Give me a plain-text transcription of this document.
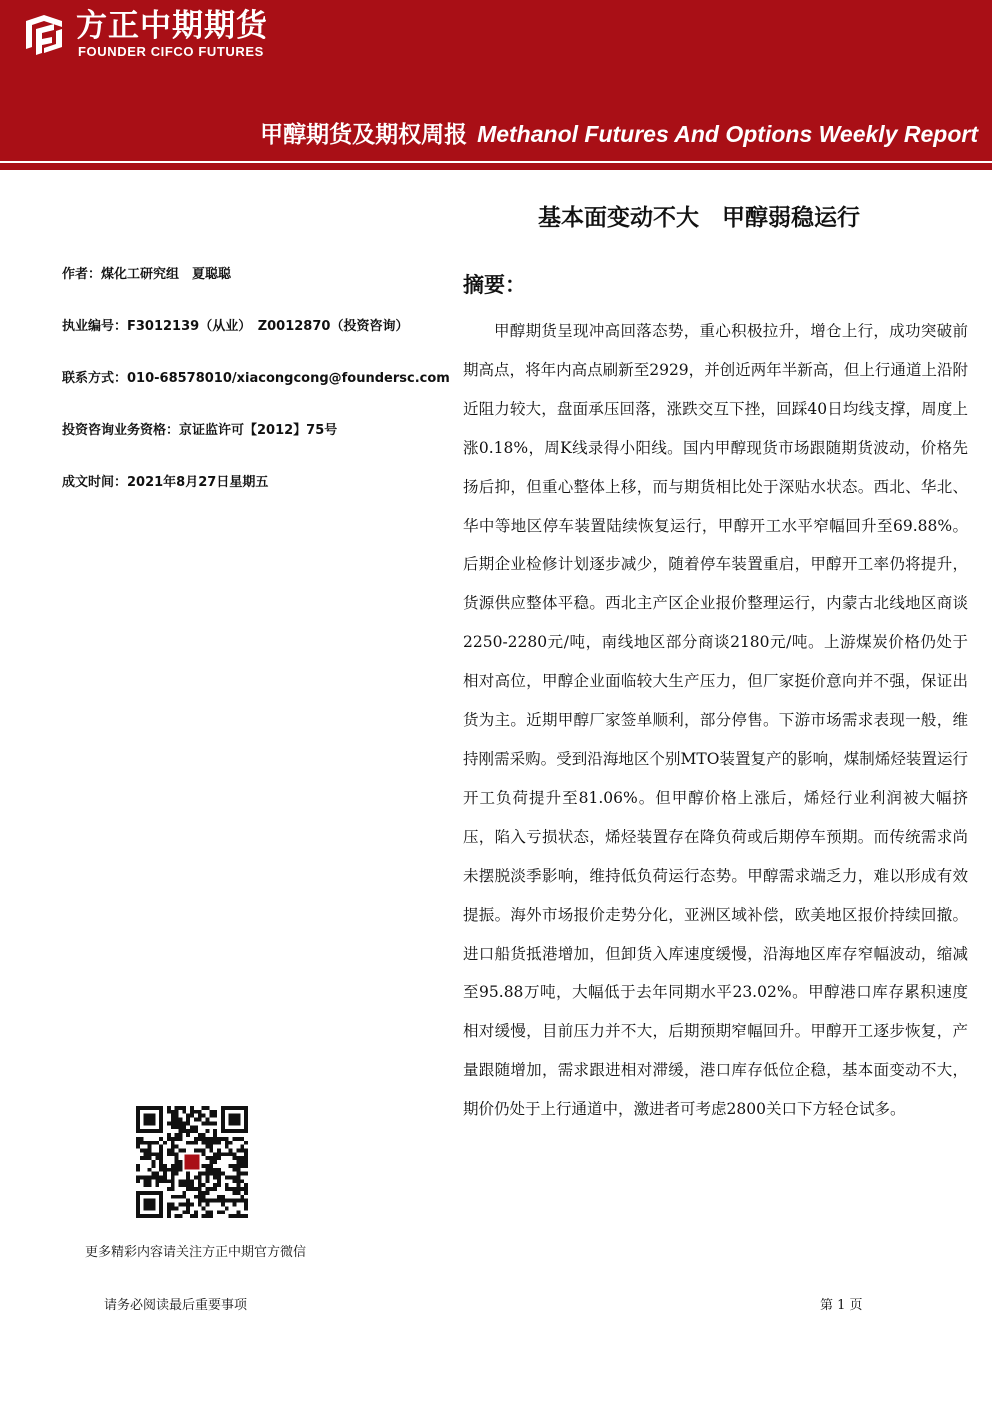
方正中期期货
FOUNDER CIFCO FUTURES
甲醇期货及期权周报 Methanol Futures And Options Weekly Report
基本面变动不大　甲醇弱稳运行
作者：煤化工研究组　夏聪聪
执业编号：F3012139（从业）　Z0012870（投资咨询）
联系方式：010-68578010/xiacongcong@foundersc.com
投资咨询业务资格：京证监许可【2012】75号
成文时间：2021年8月27日星期五
摘要：

甲醇期货呈现冲高回落态势，重心积极拉升，增仓上行，成功突破前期高点，将年内高点刷新至2929，并创近两年半新高，但上行通道上沿附近阻力较大，盘面承压回落，涨跌交互下挫，回踩40日均线支撑，周度上涨0.18%，周K线录得小阳线。国内甲醇现货市场跟随期货波动，价格先扬后抑，但重心整体上移，而与期货相比处于深贴水状态。西北、华北、华中等地区停车装置陆续恢复运行，甲醇开工水平窄幅回升至69.88%。后期企业检修计划逐步减少，随着停车装置重启，甲醇开工率仍将提升，货源供应整体平稳。西北主产区企业报价整理运行，内蒙古北线地区商谈2250-2280元/吨，南线地区部分商谈2180元/吨。上游煤炭价格仍处于相对高位，甲醇企业面临较大生产压力，但厂家挺价意向并不强，保证出货为主。近期甲醇厂家签单顺利，部分停售。下游市场需求表现一般，维持刚需采购。受到沿海地区个别MTO装置复产的影响，煤制烯烃装置运行开工负荷提升至81.06%。但甲醇价格上涨后，烯烃行业利润被大幅挤压，陷入亏损状态，烯烃装置存在降负荷或后期停车预期。而传统需求尚未摆脱淡季影响，维持低负荷运行态势。甲醇需求端乏力，难以形成有效提振。海外市场报价走势分化，亚洲区域补偿，欧美地区报价持续回撤。进口船货抵港增加，但卸货入库速度缓慢，沿海地区库存窄幅波动，缩减至95.88万吨，大幅低于去年同期水平23.02%。甲醇港口库存累积速度相对缓慢，目前压力并不大，后期预期窄幅回升。甲醇开工逐步恢复，产量跟随增加，需求跟进相对滞缓，港口库存低位企稳，基本面变动不大，期价仍处于上行通道中，激进者可考虑2800关口下方轻仓试多。

更多精彩内容请关注方正中期官方微信
请务必阅读最后重要事项	第 1 页
